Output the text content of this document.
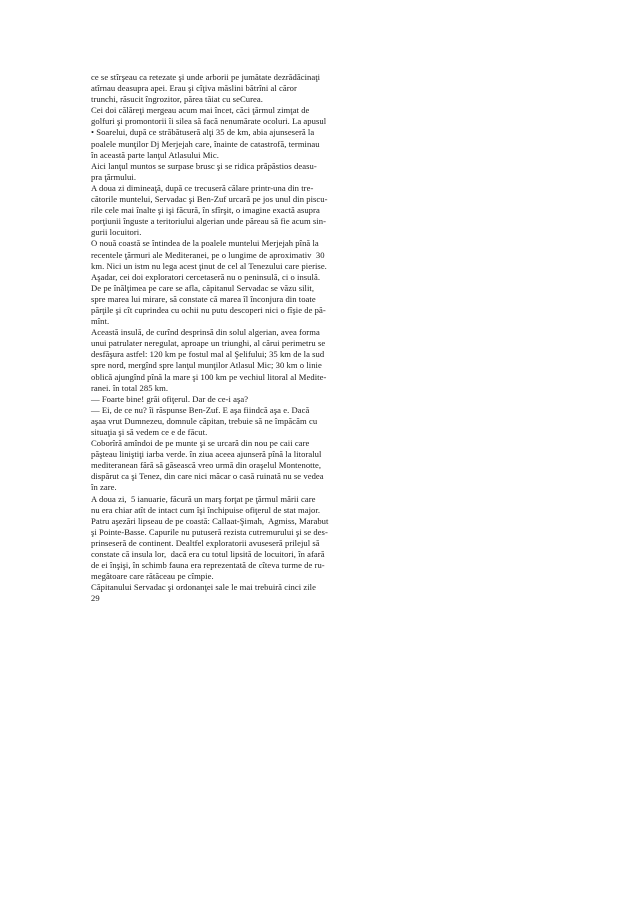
ce se stîrşeau ca retezate şi unde arborii pe jumătate dezrădăcinaţi
atîrnau deasupra apei. Erau şi cîţiva măslini bătrîni al căror
trunchi, răsucit îngrozitor, părea tăiat cu seCurea.
Cei doi călăreţi mergeau acum mai încet, căci ţărmul zimţat de
golfuri şi promontorii îi silea să facă nenumărate ocoluri. La apusul
• Soarelui, după ce străbătuseră alţi 35 de km, abia ajunseseră la
poalele munţilor Dj Merjejah care, înainte de catastrofă, terminau
în această parte lanţul Atlasului Mic.
Aici lanţul muntos se surpase brusc şi se ridica prăpăstios deasu-
pra ţărmului.
A doua zi dimineaţă, după ce trecuseră călare printr-una din tre-
cătorile muntelui, Servadac şi Ben-Zuf urcară pe jos unul din piscu-
rile cele mai înalte şi işi făcură, în sfîrşit, o imagine exactă asupra
porţiunii înguste a teritoriului algerian unde păreau să fie acum sin-
gurii locuitori.
O nouă coastă se întindea de la poalele muntelui Merjejah pînă la
recentele ţărmuri ale Mediteranei, pe o lungime de aproximativ  30
km. Nici un istm nu lega acest ţinut de cel al Tenezului care pierise.
Aşadar, cei doi exploratori cercetaseră nu o peninsulă, ci o insulă.
De pe înălţimea pe care se afla, căpitanul Servadac se văzu silit,
spre marea lui mirare, să constate că marea îl înconjura din toate
părţile şi cît cuprindea cu ochii nu putu descoperi nici o fîşie de pă-
mînt.
Această insulă, de curînd desprinsă din solul algerian, avea forma
unui patrulater neregulat, aproape un triunghi, al cărui perimetru se
desfăşura astfel: 120 km pe fostul mal al Şelifului; 35 km de la sud
spre nord, mergînd spre lanţul munţilor Atlasul Mic; 30 km o linie
oblică ajungînd pînă la mare şi 100 km pe vechiul litoral al Medite-
ranei. în total 285 km.
— Foarte bine! grăi ofiţerul. Dar de ce-i aşa?
— Ei, de ce nu? îi răspunse Ben-Zuf. E aşa fiindcă aşa e. Dacă
aşaa vrut Dumnezeu, domnule căpitan, trebuie să ne împăcăm cu
situaţia şi să vedem ce e de făcut.
Coborîră amîndoi de pe munte şi se urcară din nou pe caii care
păşteau liniştiţi iarba verde. în ziua aceea ajunseră pînă la litoralul
mediteranean fără să găsească vreo urmă din oraşelul Montenotte,
dispărut ca şi Tenez, din care nici măcar o casă ruinată nu se vedea
în zare.
A doua zi,  5 ianuarie, făcură un marş forţat pe ţărmul mării care
nu era chiar atît de intact cum îşi închipuise ofiţerul de stat major.
Patru aşezări lipseau de pe coastă: Callaat-Şimah,  Agmiss, Marabut
şi Pointe-Basse. Capurile nu putuseră rezista cutremurului şi se des-
prinseseră de continent. Dealtfel exploratorii avuseseră prilejul să
constate că insula lor,  dacă era cu totul lipsită de locuitori, în afară
de ei înşişi, în schimb fauna era reprezentată de cîteva turme de ru-
megătoare care rătăceau pe cîmpie.
Căpitanului Servadac şi ordonanţei sale le mai trebuiră cinci zile
29
